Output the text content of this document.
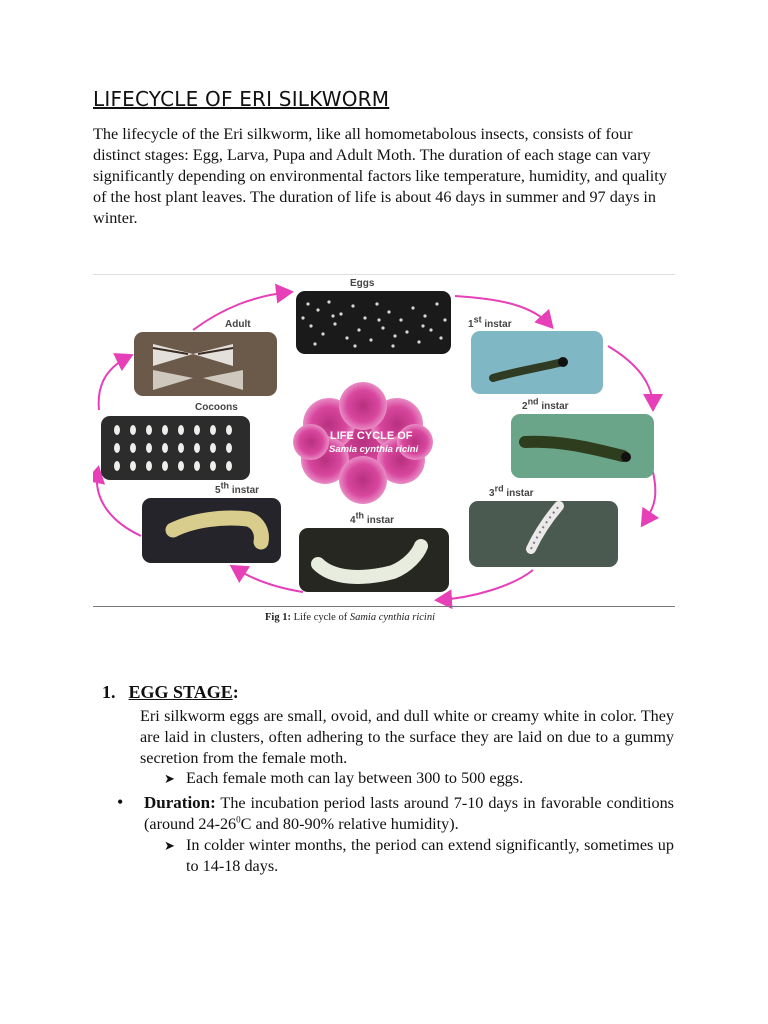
LIFECYCLE OF ERI SILKWORM

The lifecycle of the Eri silkworm, like all homometabolous insects, consists of four distinct stages: Egg, Larva, Pupa and Adult Moth. The duration of each stage can vary significantly depending on environmental factors like temperature, humidity, and quality of the host plant leaves. The duration of life is about 46 days in summer and 97 days in winter.

Eggs
1st instar
2nd instar
3rd instar
4th instar
5th instar
Cocoons
Adult
LIFE CYCLE OF
Samia cynthia ricini
Fig 1: Life cycle of Samia cynthia ricini
1. EGG STAGE:

Eri silkworm eggs are small, ovoid, and dull white or creamy white in color. They are laid in clusters, often adhering to the surface they are laid on due to a gummy secretion from the female moth.

➤ Each female moth can lay between 300 to 500 eggs.
• Duration: The incubation period lasts around 7-10 days in favorable conditions (around $24-26^0C$ and 80-90% relative humidity).
➤ In colder winter months, the period can extend significantly, sometimes up to 14-18 days.
